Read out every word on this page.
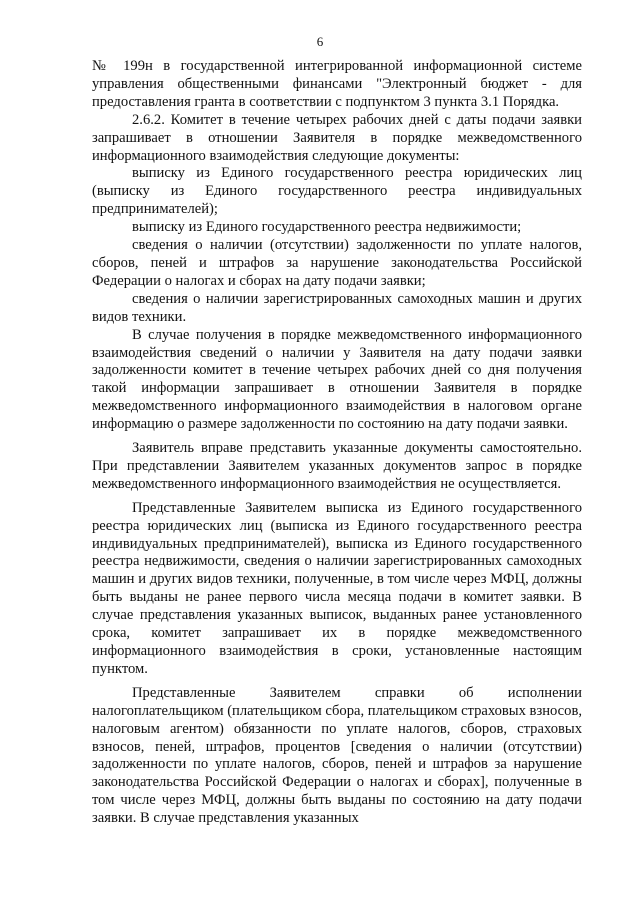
6

№ 199н в государственной интегрированной информационной системе управления общественными финансами "Электронный бюджет - для предоставления гранта в соответствии с подпунктом 3 пункта 3.1 Порядка.

2.6.2. Комитет в течение четырех рабочих дней с даты подачи заявки запрашивает в отношении Заявителя в порядке межведомственного информационного взаимодействия следующие документы:

выписку из Единого государственного реестра юридических лиц (выписку из Единого государственного реестра индивидуальных предпринимателей);

выписку из Единого государственного реестра недвижимости;

сведения о наличии (отсутствии) задолженности по уплате налогов, сборов, пеней и штрафов за нарушение законодательства Российской Федерации о налогах и сборах на дату подачи заявки;

сведения о наличии зарегистрированных самоходных машин и других видов техники.

В случае получения в порядке межведомственного информационного взаимодействия сведений о наличии у Заявителя на дату подачи заявки задолженности комитет в течение четырех рабочих дней со дня получения такой информации запрашивает в отношении Заявителя в порядке межведомственного информационного взаимодействия в налоговом органе информацию о размере задолженности по состоянию на дату подачи заявки.

Заявитель вправе представить указанные документы самостоятельно. При представлении Заявителем указанных документов запрос в порядке межведомственного информационного взаимодействия не осуществляется.

Представленные Заявителем выписка из Единого государственного реестра юридических лиц (выписка из Единого государственного реестра индивидуальных предпринимателей), выписка из Единого государственного реестра недвижимости, сведения о наличии зарегистрированных самоходных машин и других видов техники, полученные, в том числе через МФЦ, должны быть выданы не ранее первого числа месяца подачи в комитет заявки. В случае представления указанных выписок, выданных ранее установленного срока, комитет запрашивает их в порядке межведомственного информационного взаимодействия в сроки, установленные настоящим пунктом.

Представленные Заявителем справки об исполнении налогоплательщиком (плательщиком сбора, плательщиком страховых взносов, налоговым агентом) обязанности по уплате налогов, сборов, страховых взносов, пеней, штрафов, процентов [сведения о наличии (отсутствии) задолженности по уплате налогов, сборов, пеней и штрафов за нарушение законодательства Российской Федерации о налогах и сборах], полученные в том числе через МФЦ, должны быть выданы по состоянию на дату подачи заявки. В случае представления указанных
